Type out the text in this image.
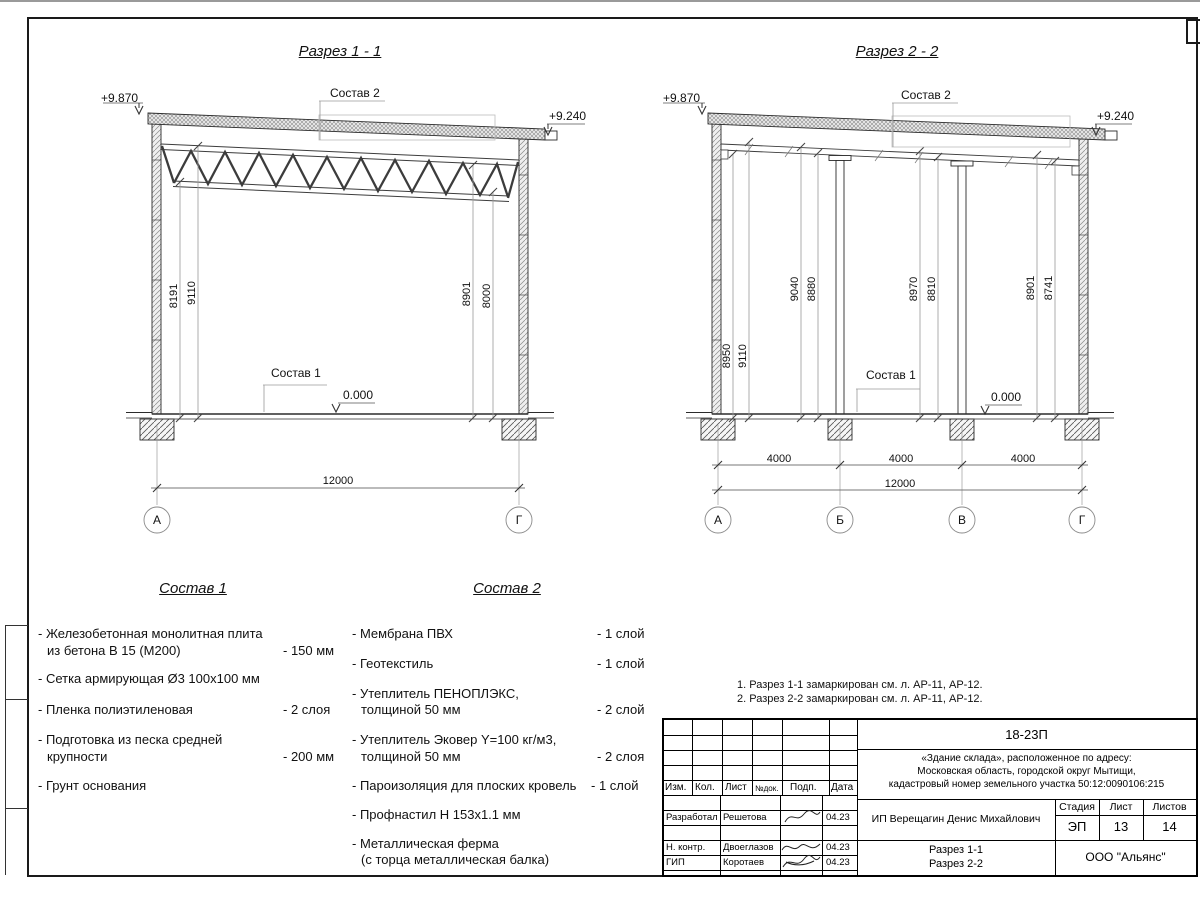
Разрез 1 - 1
+9.870
+9.240
Состав 2
Состав 1
0.000
8191 9110	8901 8000
12000
А	Г
Разрез 2 - 2
+9.870
+9.240
Состав 2
Состав 1
0.000
8950 9110
9040 8880	8970 8810	8901 8741
4000	4000	4000
12000
А	Б	В	Г
Состав 1
- Железобетонная монолитная плита
из бетона В 15 (М200)	- 150 мм
- Сетка армирующая Ø3 100х100 мм
- Пленка полиэтиленовая	- 2 слоя
- Подготовка из песка средней
крупности	- 200 мм
- Грунт основания
Состав 2
- Мембрана ПВХ	- 1 слой
- Геотекстиль	- 1 слой
- Утеплитель ПЕНОПЛЭКС,
толщиной 50 мм	- 2 слой
- Утеплитель Эковер Y=100 кг/м3,
толщиной 50 мм	- 2 слоя
- Пароизоляция для плоских кровель - 1 слой
- Профнастил Н 153х1.1 мм
- Металлическая ферма
(с торца металлическая балка)
1. Разрез 1-1 замаркирован см. л. АР-11, АР-12.
2. Разрез 2-2 замаркирован см. л. АР-11, АР-12.
Изм. Кол. Лист №док. Подп. Дата
Разработал Решетова	04.23
Н. контр. Двоеглазов	04.23
ГИП	Коротаев	04.23
18-23П
«Здание склада», расположенное по адресу:
Московская область, городской округ Мытищи,
кадастровый номер земельного участка 50:12:0090106:215
ИП Верещагин Денис Михайлович
Стадия	Лист	Листов
ЭП	13	14
Разрез 1-1
Разрез 2-2	ООО "Альянс"
